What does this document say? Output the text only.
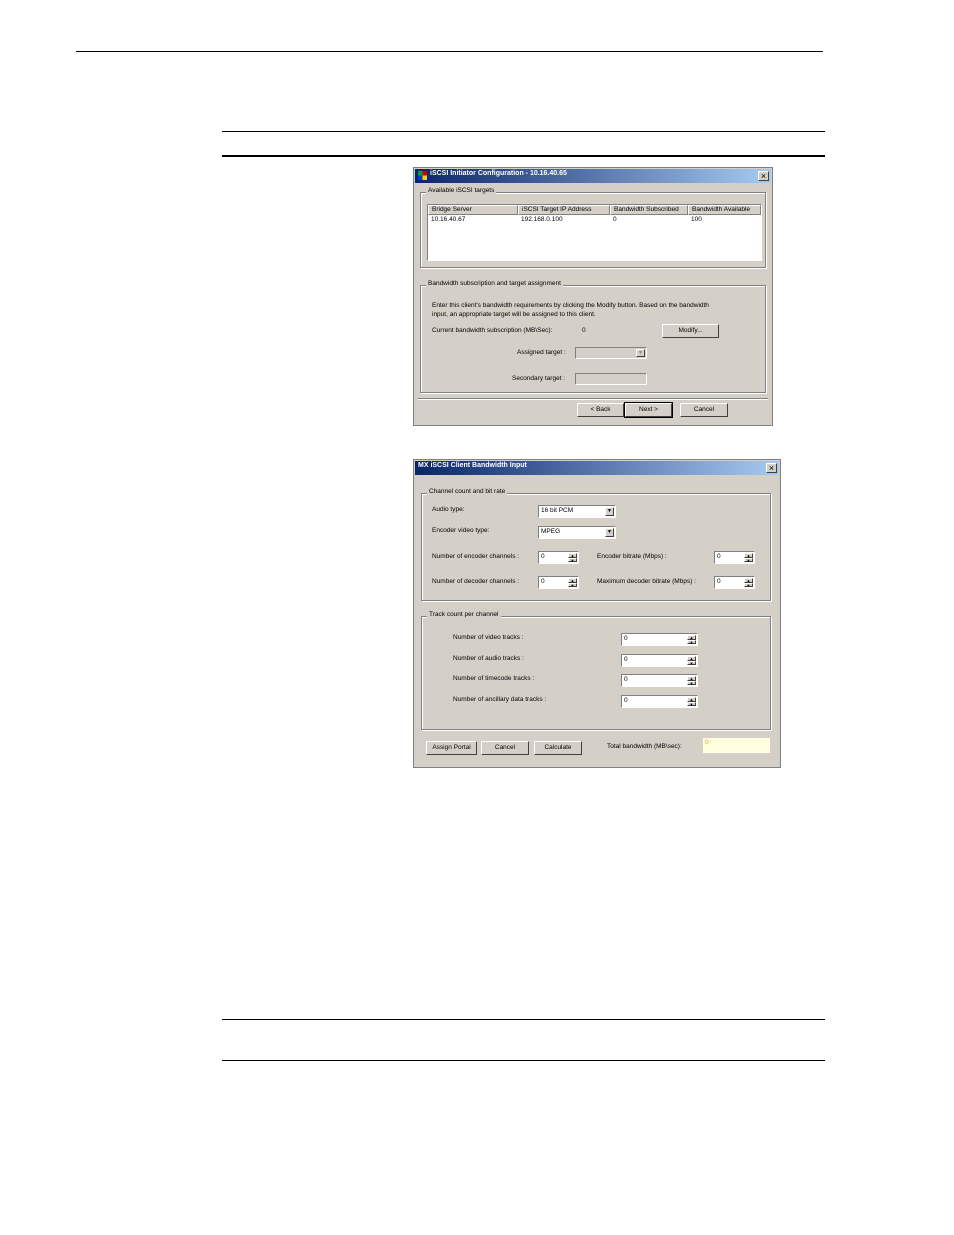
iSCSI Initiator Configuration - 10.16.40.65	×
Available iSCSI targets
Bridge Server	iSCSI Target IP Address	Bandwidth Subscribed	Bandwidth Available
10.16.40.67	192.168.0.100	0	100
Bandwidth subscription and target assignment
Enter this client's bandwidth requirements by clicking the Modify button. Based on the bandwidth
input, an appropriate target will be assigned to this client.
Current bandwidth subscription (MB\Sec):	0	Modify...
Assigned target :	▼
Secondary target :
< Back	Next >	Cancel
MX iSCSI Client Bandwidth Input	×
Channel count and bit rate
Audio type:	16 bit PCM	▼
Encoder video type:	MPEG	▼
Number of encoder channels :	0	▲
▼	Encoder bitrate (Mbps) :	0	▲
▼
Number of decoder channels :	0	▲
▼	Maximum decoder bitrate (Mbps) :	0	▲
▼
Track count per channel
Number of video tracks :	0	▲
▼
Number of audio tracks :	0	▲
▼
Number of timecode tracks :	0	▲
▼
Number of ancillary data tracks :	0	▲
▼
Assign Portal	Cancel	Calculate	Total bandwidth (MB\sec):
0
